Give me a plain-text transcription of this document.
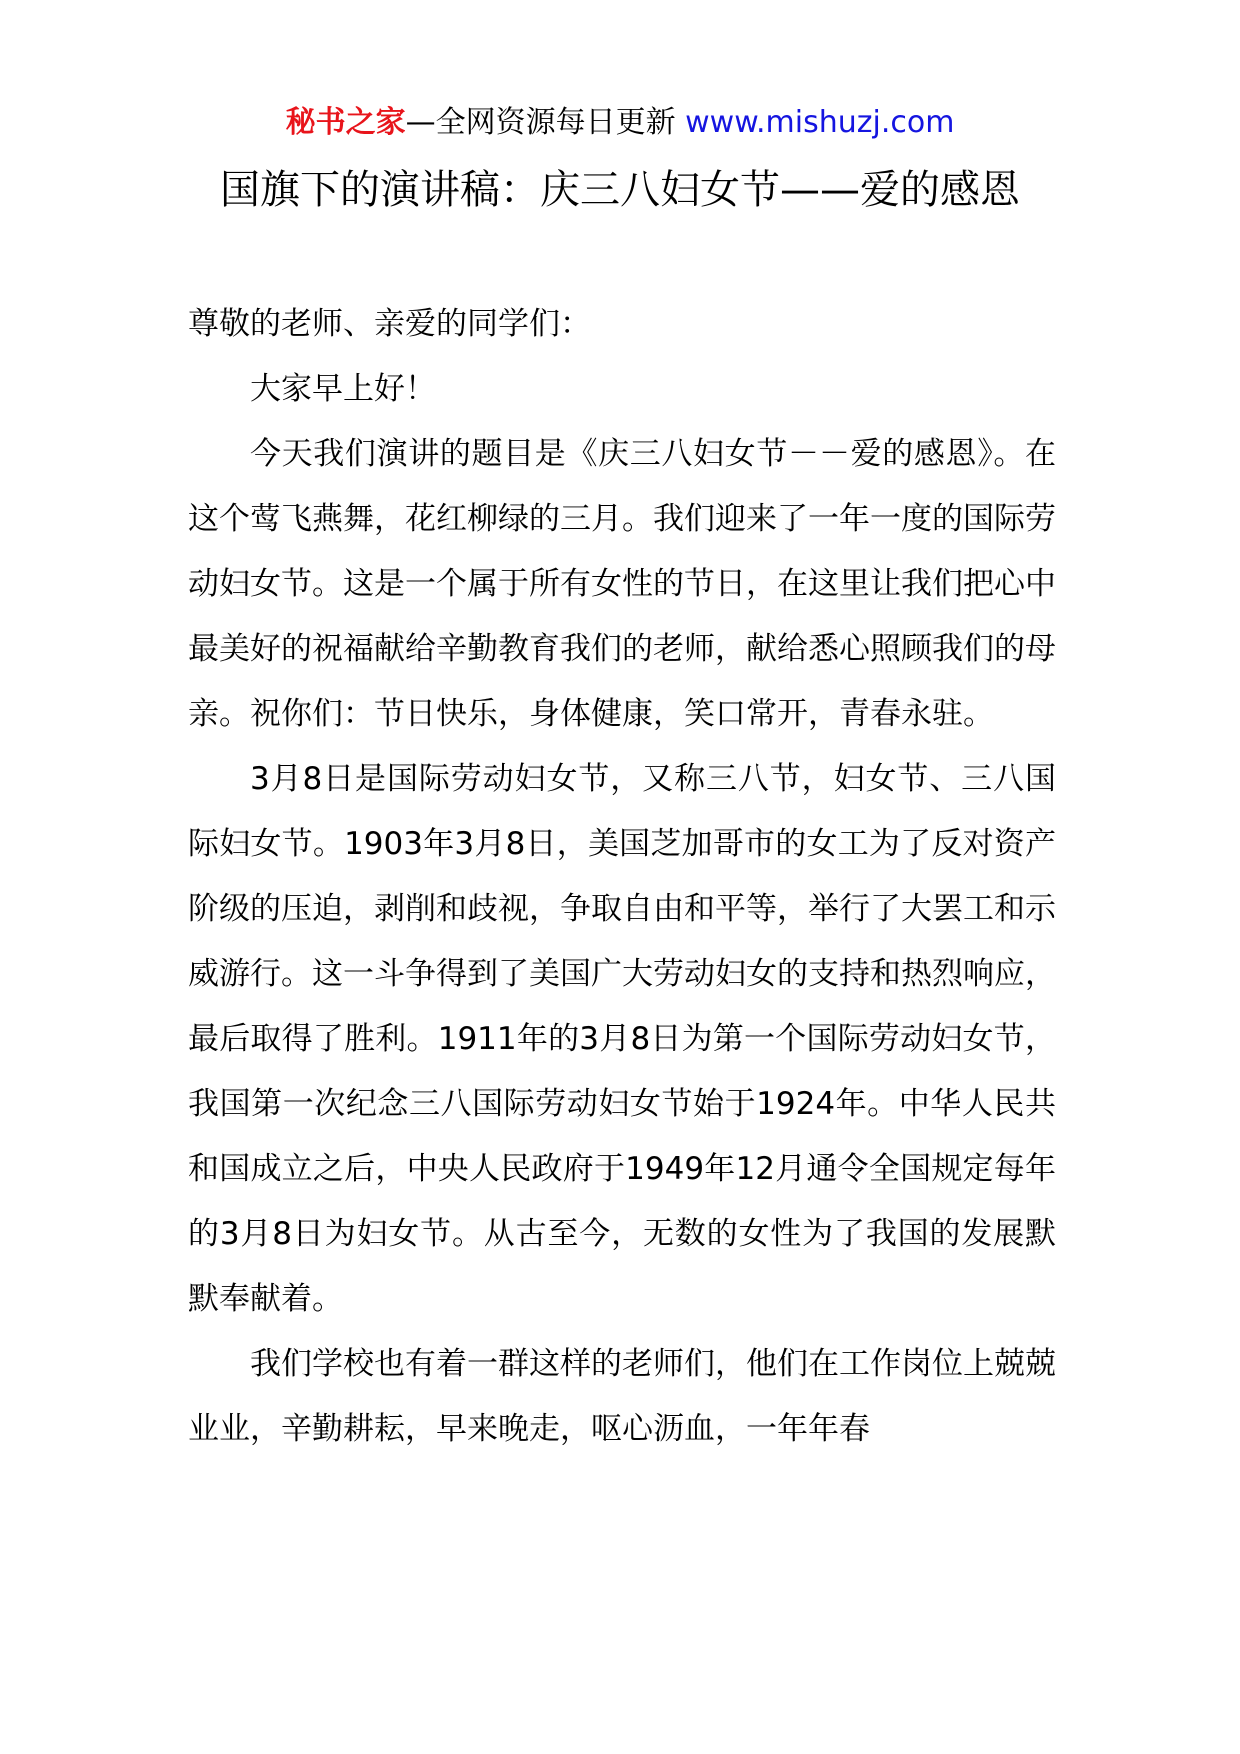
秘书之家—全网资源每日更新 www.mishuzj.com
国旗下的演讲稿：庆三八妇女节——爱的感恩

尊敬的老师、亲爱的同学们：

大家早上好！

今天我们演讲的题目是《庆三八妇女节－－爱的感恩》。在这个莺飞燕舞，花红柳绿的三月。我们迎来了一年一度的国际劳动妇女节。这是一个属于所有女性的节日，在这里让我们把心中最美好的祝福献给辛勤教育我们的老师，献给悉心照顾我们的母亲。祝你们：节日快乐，身体健康，笑口常开，青春永驻。

3月8日是国际劳动妇女节，又称三八节，妇女节、三八国际妇女节。1903年3月8日，美国芝加哥市的女工为了反对资产阶级的压迫，剥削和歧视，争取自由和平等，举行了大罢工和示威游行。这一斗争得到了美国广大劳动妇女的支持和热烈响应，最后取得了胜利。1911年的3月8日为第一个国际劳动妇女节，我国第一次纪念三八国际劳动妇女节始于1924年。中华人民共和国成立之后，中央人民政府于1949年12月通令全国规定每年的3月8日为妇女节。从古至今，无数的女性为了我国的发展默默奉献着。

我们学校也有着一群这样的老师们，他们在工作岗位上兢兢业业，辛勤耕耘，早来晚走，呕心沥血，一年年春
